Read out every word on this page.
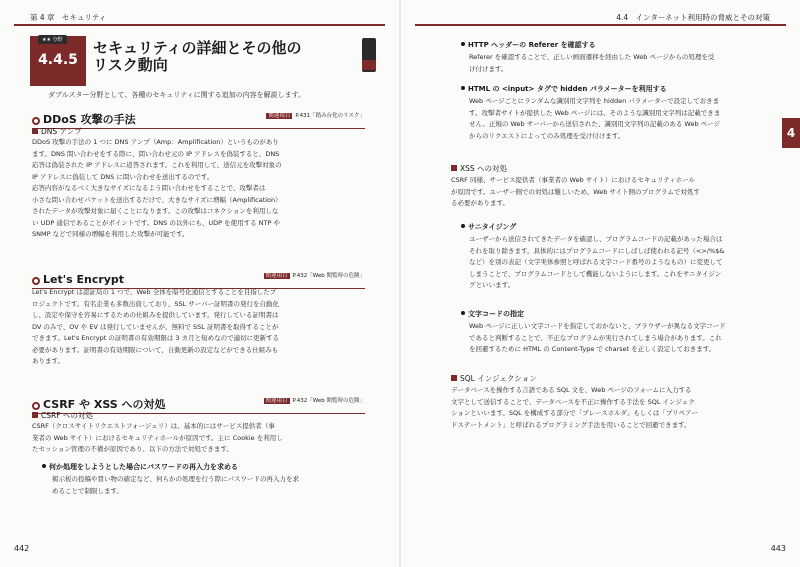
第 4 章　セキュリティ
★★ 分野
4.4.5
セキュリティの詳細とその他の
リスク動向
ダブルスター分野として、各種のセキュリティに関する追加の内容を解説します。
DDoS 攻撃の手法	関連項目 P.431「踏み台化のリスク」
DNS アンプ
DDoS 攻撃の手法の 1 つに DNS アンプ（Amp：Amplification）というものがあり
ます。DNS 問い合わせをする際に、問い合わせ元の IP アドレスを偽装すると、DNS
応答は偽装された IP アドレスに返答されます。これを利用して、送信元を攻撃対象の
IP アドレスに偽装して DNS に問い合わせを送出するのです。
応答内容がなるべく大きなサイズになるよう問い合わせをすることで、攻撃者は
小さな問い合わせパケットを送出するだけで、大きなサイズに増幅（Amplification）
されたデータが攻撃対象に届くことになります。この攻撃はコネクションを利用しな
い UDP 通信であることがポイントです。DNS の以外にも、UDP を使用する NTP や
SNMP などで同様の増幅を利用した攻撃が可能です。
Let's Encrypt	関連項目 P.432「Web 閲覧時の危険」
Let's Encrypt は認証局の 1 つで、Web 全体を暗号化通信とすることを目指したプ
ロジェクトです。有名企業も多数出資しており、SSL サーバー証明書の発行を自動化
し、設定や保守を容易にするための仕組みを提供しています。発行している証明書は
DV のみで、OV や EV は発行していませんが、無料で SSL 証明書を取得することが
できます。Let's Encrypt の証明書の有効期限は 3 カ月と短めなので適切に更新する
必要があります。証明書の有効期限について、自動更新の設定などができる仕組みも
あります。
CSRF や XSS への対処	関連項目 P.432「Web 閲覧時の危険」
CSRF への対処
CSRF（クロスサイトリクエストフォージェリ）は、基本的にはサービス提供者（事
業者の Web サイト）におけるセキュリティホールが原因です。主に Cookie を利用し
たセッション管理の不備が原因であり、以下の方法で対処できます。
何か処理をしようとした場合にパスワードの再入力を求める
掲示板の投稿や買い物の確定など、何らかの処理を行う際にパスワードの再入力を求
めることで制限します。
442
4.4　インターネット利用時の脅威とその対策
4
HTTP ヘッダーの Referer を確認する
Referer を確認することで、正しい画面遷移を経由した Web ページからの処理を受
け付けます。
HTML の <input> タグで hidden パラメーターを利用する
Web ページごとにランダムな識別用文字列を hidden パラメーターで設定しておきま
す。攻撃者サイトが提供した Web ページには、そのような識別用文字列は記載できま
せん。正規の Web サーバーから送信された、識別用文字列の記載のある Web ページ
からのリクエストによってのみ処理を受け付けます。
XSS への対処
CSRF 同様、サービス提供者（事業者の Web サイト）におけるセキュリティホール
が原因です。ユーザー側での対処は難しいため、Web サイト側のプログラムで対処す
る必要があります。
サニタイジング
ユーザーから送信されてきたデータを確認し、プログラムコードの記載があった場合は
それを取り除きます。具体的にはプログラムコードにしばしば使われる記号（<>/%$&
など）を別の表記（文字実体参照と呼ばれる文字コード番号のようなもの）に変更して
しまうことで、プログラムコードとして機能しないようにします。これをサニタイジン
グといいます。
文字コードの指定
Web ページに正しい文字コードを指定しておかないと、ブラウザーが異なる文字コード
であると判断することで、不正なプログラムが実行されてしまう場合があります。これ
を回避するために HTML の Content-Type で charset を正しく設定しておきます。
SQL インジェクション
データベースを操作する言語である SQL 文を、Web ページのフォームに入力する
文字として送信することで、データベースを不正に操作する手法を SQL インジェク
ションといいます。SQL を構成する部分で「プレースホルダ」もしくは「プリペアー
ドステートメント」と呼ばれるプログラミング手法を用いることで回避できます。
443
